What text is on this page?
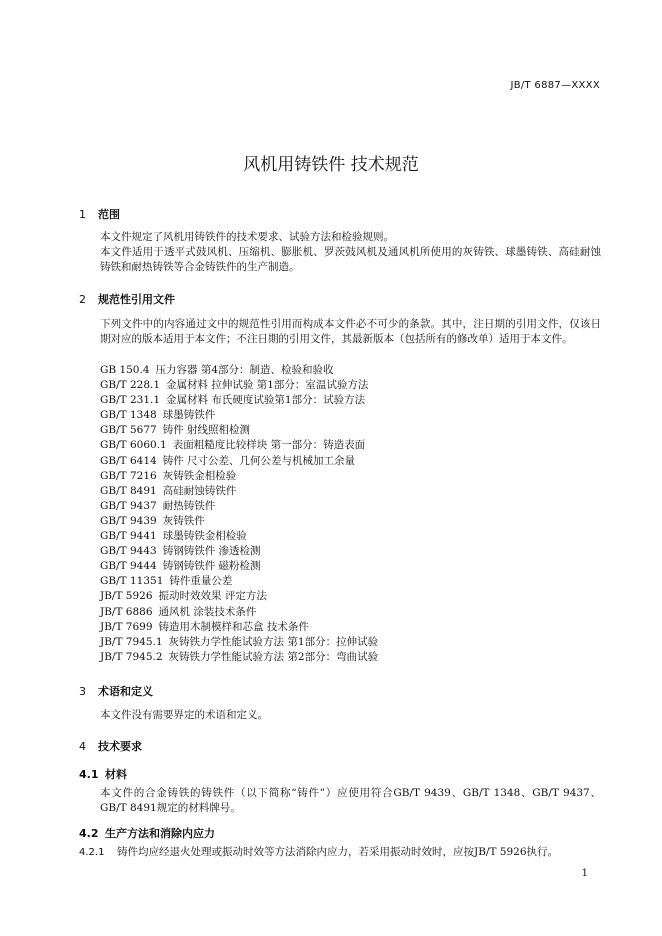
JB/T 6887—XXXX
风机用铸铁件 技术规范
1 范围
本文件规定了风机用铸铁件的技术要求、试验方法和检验规则。
本文件适用于透平式鼓风机、压缩机、膨胀机、罗茨鼓风机及通风机所使用的灰铸铁、球墨铸铁、高硅耐蚀铸铁和耐热铸铁等合金铸铁件的生产制造。
2 规范性引用文件
下列文件中的内容通过文中的规范性引用而构成本文件必不可少的条款。其中，注日期的引用文件，仅该日期对应的版本适用于本文件；不注日期的引用文件，其最新版本（包括所有的修改单）适用于本文件。
GB 150.4 压力容器 第4部分：制造、检验和验收
GB/T 228.1 金属材料 拉伸试验 第1部分：室温试验方法
GB/T 231.1 金属材料 布氏硬度试验第1部分：试验方法
GB/T 1348 球墨铸铁件
GB/T 5677 铸件 射线照相检测
GB/T 6060.1 表面粗糙度比较样块 第一部分：铸造表面
GB/T 6414 铸件 尺寸公差、几何公差与机械加工余量
GB/T 7216 灰铸铁金相检验
GB/T 8491 高硅耐蚀铸铁件
GB/T 9437 耐热铸铁件
GB/T 9439 灰铸铁件
GB/T 9441 球墨铸铁金相检验
GB/T 9443 铸钢铸铁件 渗透检测
GB/T 9444 铸钢铸铁件 磁粉检测
GB/T 11351 铸件重量公差
JB/T 5926 振动时效效果 评定方法
JB/T 6886 通风机 涂装技术条件
JB/T 7699 铸造用木制模样和芯盒 技术条件
JB/T 7945.1 灰铸铁力学性能试验方法 第1部分：拉伸试验
JB/T 7945.2 灰铸铁力学性能试验方法 第2部分：弯曲试验
3 术语和定义
本文件没有需要界定的术语和定义。
4 技术要求
4.1 材料
本文件的合金铸铁的铸铁件（以下简称“铸件”）应使用符合GB/T 9439、GB/T 1348、GB/T 9437、GB/T 8491规定的材料牌号。
4.2 生产方法和消除内应力
4.2.1 铸件均应经退火处理或振动时效等方法消除内应力，若采用振动时效时，应按JB/T 5926执行。
1
